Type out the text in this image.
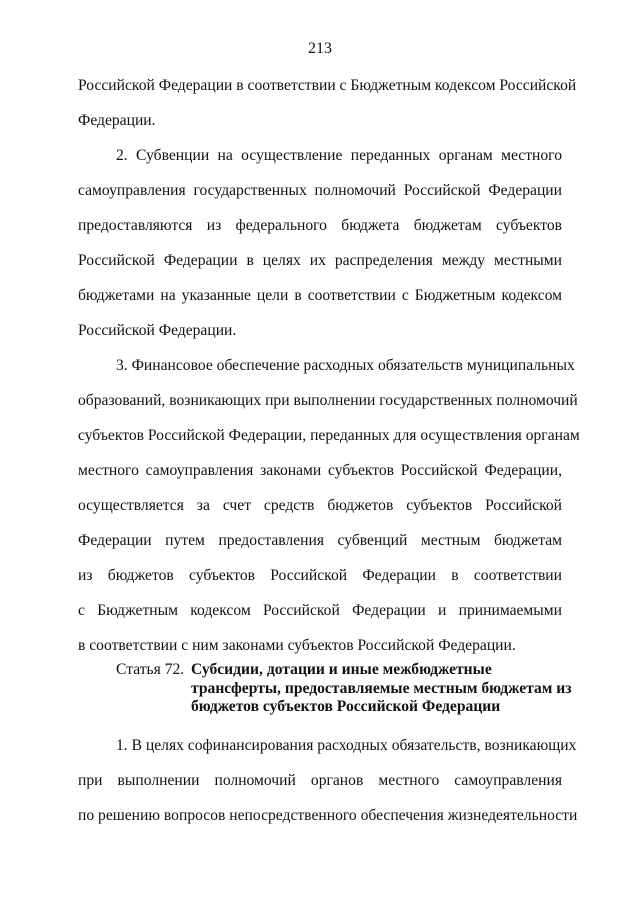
213
Российской Федерации в соответствии с Бюджетным кодексом Российской
Федерации.
2. Субвенции на осуществление переданных органам местного
самоуправления государственных полномочий Российской Федерации
предоставляются из федерального бюджета бюджетам субъектов
Российской Федерации в целях их распределения между местными
бюджетами на указанные цели в соответствии с Бюджетным кодексом
Российской Федерации.
3. Финансовое обеспечение расходных обязательств муниципальных
образований, возникающих при выполнении государственных полномочий
субъектов Российской Федерации, переданных для осуществления органам
местного самоуправления законами субъектов Российской Федерации,
осуществляется за счет средств бюджетов субъектов Российской
Федерации путем предоставления субвенций местным бюджетам
из бюджетов субъектов Российской Федерации в соответствии
с Бюджетным кодексом Российской Федерации и принимаемыми
в соответствии с ним законами субъектов Российской Федерации.
Статья 72. Субсидии, дотации и иные межбюджетные
трансферты, предоставляемые местным бюджетам из
бюджетов субъектов Российской Федерации
1. В целях софинансирования расходных обязательств, возникающих
при выполнении полномочий органов местного самоуправления
по решению вопросов непосредственного обеспечения жизнедеятельности
